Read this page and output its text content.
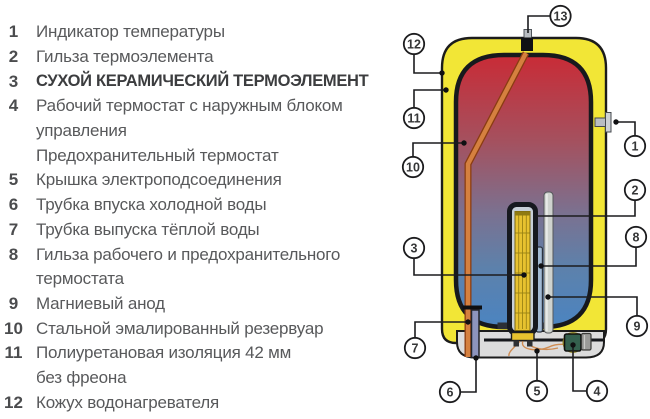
1	Индикатор температуры
2	Гильза термоэлемента
3	СУХОЙ КЕРАМИЧЕСКИЙ ТЕРМОЭЛЕМЕНТ
4	Рабочий термостат с наружным блоком
управления
Предохранительный термостат
5	Крышка электроподсоединения
6	Трубка впуска холодной воды
7	Трубка выпуска тёплой воды
8	Гильза рабочего и предохранительного
термостата
9	Магниевый анод
10 Стальной эмалированный резервуар
11 Полиуретановая изоляция 42 мм
без фреона
12 Кожух водонагревателя
13
12
11
10
3
7
6	5	4
1
2
8
9
